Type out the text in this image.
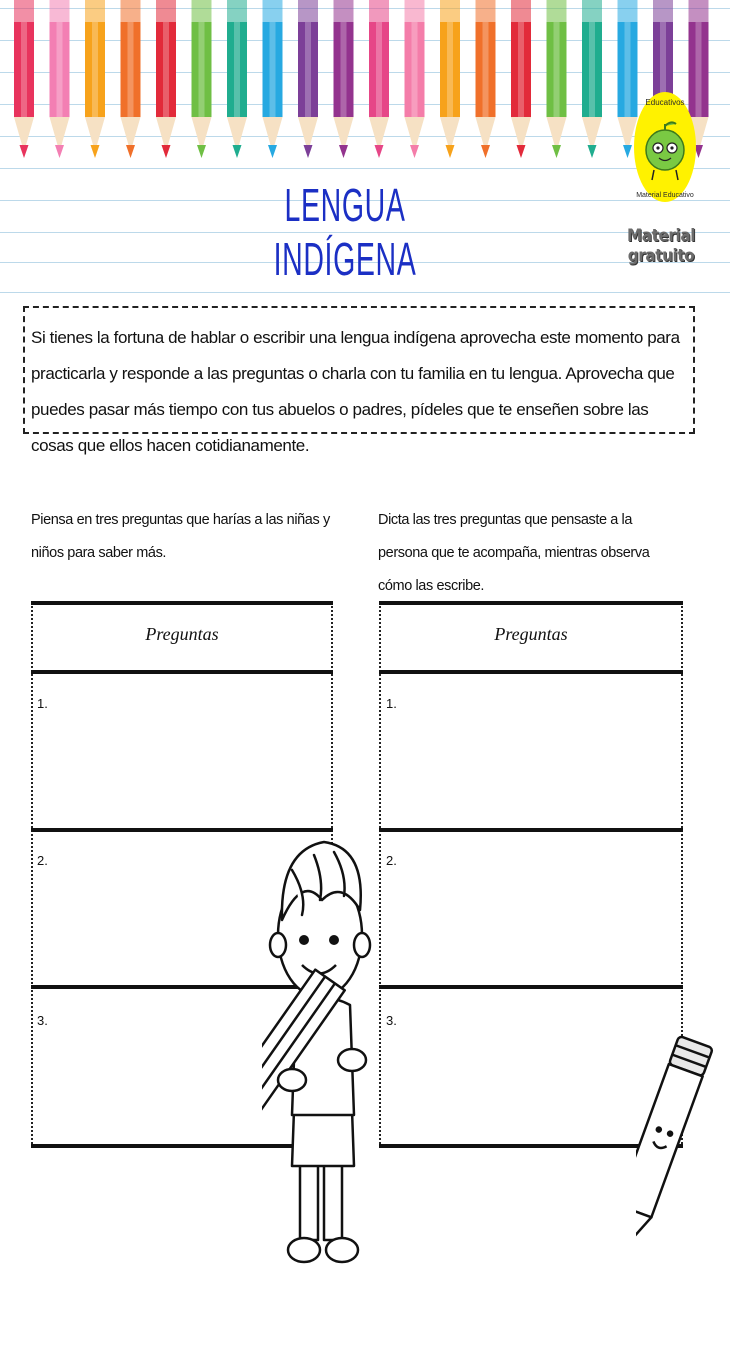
Educativos
Material Educativo
Material gratuito
LENGUA INDÍGENA
Si tienes la fortuna de hablar o escribir una lengua indígena aprovecha este momento para practicarla y responde a las preguntas o charla con tu familia en tu lengua. Aprovecha que puedes pasar más tiempo con tus abuelos o padres, pídeles que te enseñen sobre las cosas que ellos hacen cotidianamente.
Piensa en tres preguntas que harías a las niñas y niños para saber más.
Dicta las tres preguntas que pensaste a la persona que te acompaña, mientras observa cómo las escribe.
Preguntas
1.
2.
3.
Preguntas
1.
2.
3.
